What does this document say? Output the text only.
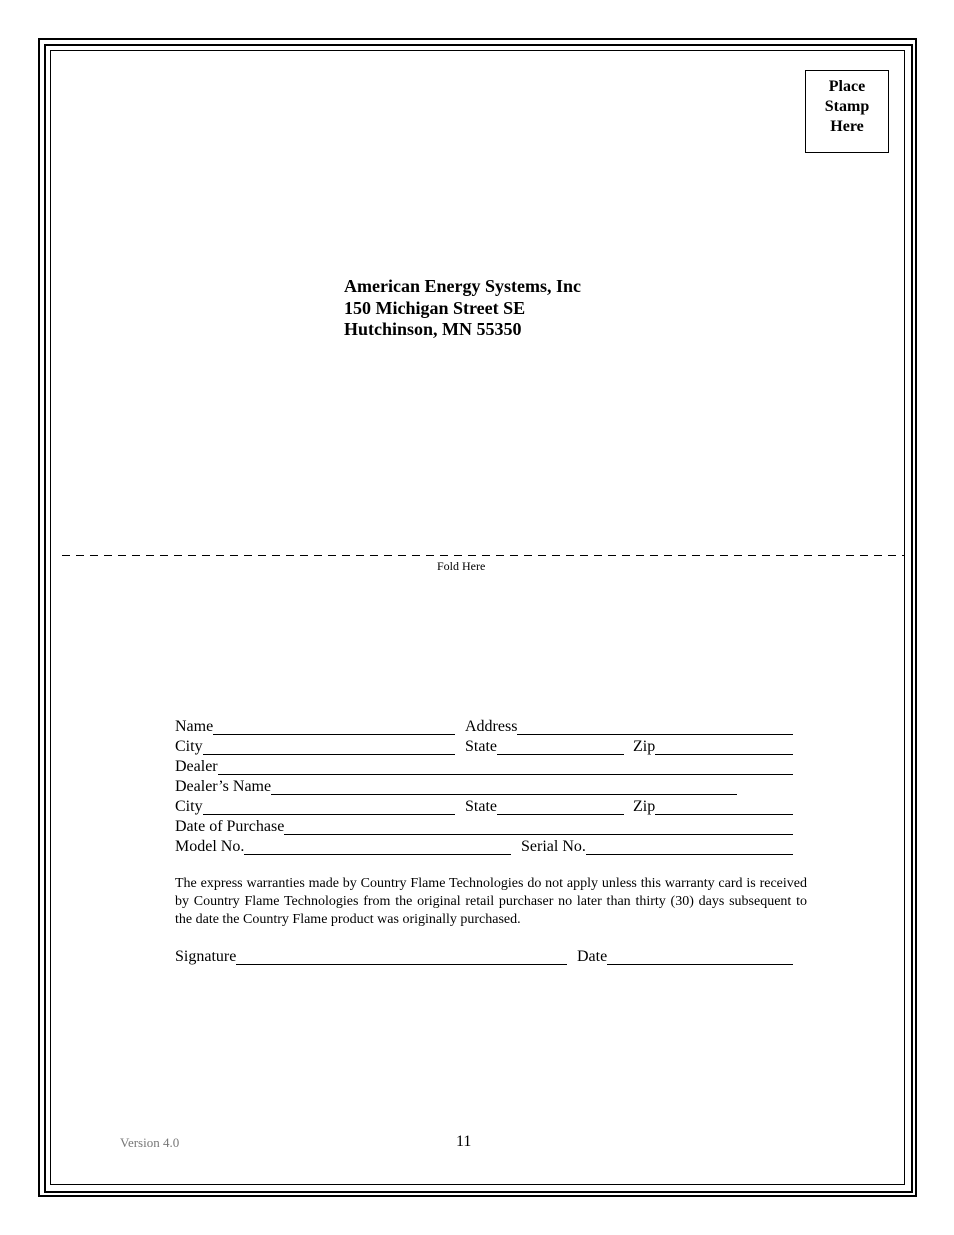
Place
Stamp
Here
American Energy Systems, Inc
150 Michigan Street SE
Hutchinson, MN 55350
Fold Here
Name	Address
City	State	Zip
Dealer
Dealer’s Name
City	State	Zip
Date of Purchase
Model No.	Serial No.
The express warranties made by Country Flame Technologies do not apply unless this warranty card is received by Country Flame Technologies from the original retail purchaser no later than thirty (30) days subsequent to the date the Country Flame product was originally purchased.
Signature	Date
Version 4.0	11
